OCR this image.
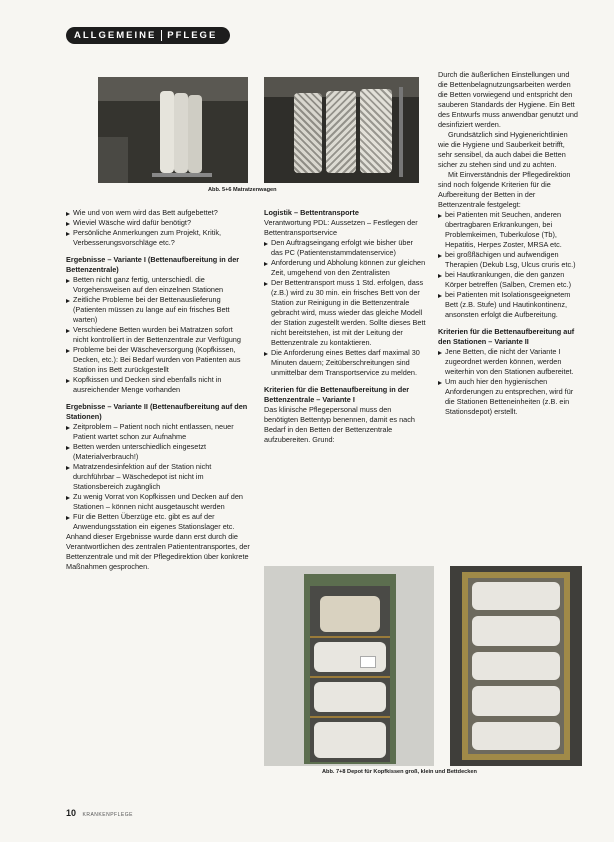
ALLGEMEINE PFLEGE
Abb. 5+6 Matratzenwagen
Wie und von wem wird das Bett aufgebettet?
Wieviel Wäsche wird dafür benötigt?
Persönliche Anmerkungen zum Projekt, Kritik, Verbesserungsvorschläge etc.?
Ergebnisse – Variante I (Bettenaufbereitung in der Bettenzentrale)
Betten nicht ganz fertig, unterschiedl. die Vorgehensweisen auf den einzelnen Stationen
Zeitliche Probleme bei der Bettenauslieferung (Patienten müssen zu lange auf ein frisches Bett warten)
Verschiedene Betten wurden bei Matratzen sofort nicht kontrolliert in der Bettenzentrale zur Verfügung
Probleme bei der Wäscheversorgung (Kopfkissen, Decken, etc.): Bei Bedarf wurden von Patienten aus Station ins Bett zurückgestellt
Kopfkissen und Decken sind ebenfalls nicht in ausreichender Menge vorhanden
Ergebnisse – Variante II (Bettenaufbereitung auf den Stationen)
Zeitproblem – Patient noch nicht entlassen, neuer Patient wartet schon zur Aufnahme
Betten werden unterschiedlich eingesetzt (Materialverbrauch!)
Matratzendesinfektion auf der Station nicht durchführbar – Wäschedepot ist nicht im Stationsbereich zugänglich
Zu wenig Vorrat von Kopfkissen und Decken auf den Stationen – können nicht ausgetauscht werden
Für die Betten Überzüge etc. gibt es auf der Anwendungsstation ein eigenes Stationslager etc.

Anhand dieser Ergebnisse wurde dann erst durch die Verantwortlichen des zentralen Patiententransportes, der Bettenzentrale und mit der Pflegedirektion über konkrete Maßnahmen gesprochen.

Logistik – Bettentransporte

Verantwortung PDL: Aussetzen – Festlegen der Bettentransportservice

Den Auftragseingang erfolgt wie bisher über das PC (Patientenstammdatenservice)
Anforderung und Abholung können zur gleichen Zeit, umgehend von den Zentralisten
Der Bettentransport muss 1 Std. erfolgen, dass (z.B.) wird zu 30 min. ein frisches Bett von der Station zur Reinigung in die Bettenzentrale gebracht wird, muss wieder das gleiche Modell der Station zugestellt werden. Sollte dieses Bett nicht bereitstehen, ist mit der Leitung der Bettenzentrale zu kontaktieren.
Die Anforderung eines Bettes darf maximal 30 Minuten dauern; Zeitüberschreitungen sind unmittelbar dem Transportservice zu melden.
Kriterien für die Bettenaufbereitung in der Bettenzentrale – Variante I

Das klinische Pflegepersonal muss den benötigten Bettentyp benennen, damit es nach Bedarf in den Betten der Bettenzentrale aufzubereiten. Grund:

Durch die äußerlichen Einstellungen und die Bettenbelagnutzungsarbeiten werden die Betten vorwiegend und entspricht den sauberen Standards der Hygiene. Ein Bett des Entwurfs muss anwendbar genutzt und desinfiziert werden.

Grundsätzlich sind Hygienerichtlinien wie die Hygiene und Sauberkeit betrifft, sehr sensibel, da auch dabei die Betten sicher zu stehen sind und zu achten.

Mit Einverständnis der Pflegedirektion sind noch folgende Kriterien für die Aufbereitung der Betten in der Bettenzentrale festgelegt:

bei Patienten mit Seuchen, anderen übertragbaren Erkrankungen, bei Problemkeimen, Tuberkulose (Tb), Hepatitis, Herpes Zoster, MRSA etc.
bei großflächigen und aufwendigen Therapien (Dekub Lsg, Ulcus cruris etc.)
bei Hautkrankungen, die den ganzen Körper betreffen (Salben, Cremen etc.)
bei Patienten mit Isolationsgeeignetem Bett (z.B. Stufe) und Hautinkontinenz, ansonsten erfolgt die Aufbereitung.
Kriterien für die Bettenaufbereitung auf den Stationen – Variante II
Jene Betten, die nicht der Variante I zugeordnet werden können, werden weiterhin von den Stationen aufbereitet.
Um auch hier den hygienischen Anforderungen zu entsprechen, wird für die Stationen Betteneinheiten (z.B. ein Stationsdepot) erstellt.
Abb. 7+8 Depot für Kopfkissen groß, klein und Bettdecken
10 KRANKENPFLEGE
